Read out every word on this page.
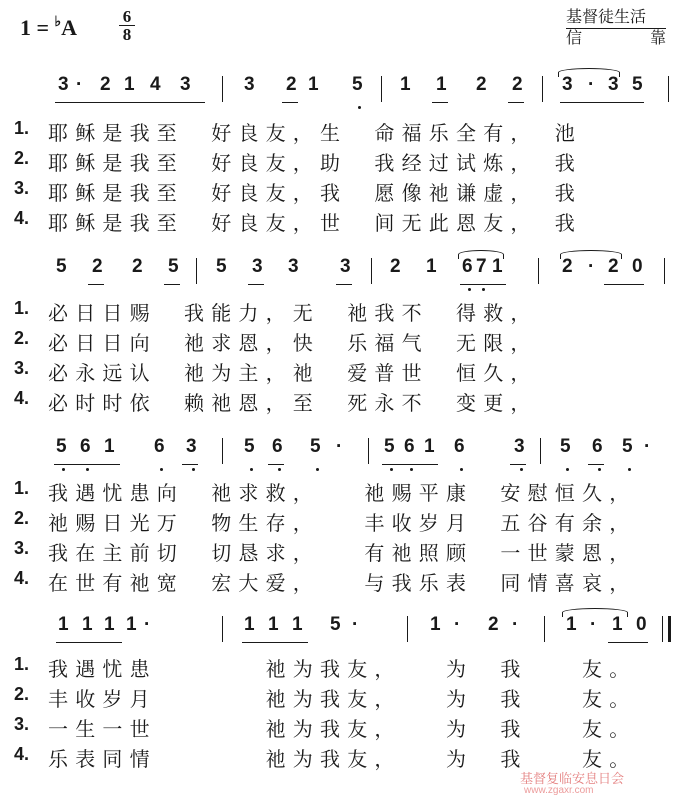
1 = ♭A	6
8
基督徒生活
信	靠
3 · 2 1 4 3	3 2 1 5 1 1 2 2 3 · 3 5
1. 耶稣是我至　好良友，生　命福乐全有，　池
2. 耶稣是我至　好良友，助　我经过试炼，　我
3. 耶稣是我至　好良友，我　愿像祂谦虚，　我
4. 耶稣是我至　好良友，世　间无此恩友，　我
5 2 2 5 5 3 3 3 2 1 6 7 1	2 · 2 0
1. 必日日赐　我能力，无　祂我不　得救，
2. 必日日向　祂求恩，快　乐福气　无限，
3. 必永远认　祂为主，祂　爱普世　恒久，
4. 必时时依　赖祂恩，至　死永不　变更，
5 6 1 6 3 5 6 5 · 5 6 1 6	3 5 6 5 ·
1. 我遇忧患向　祂求救，　　祂赐平康　安慰恒久，
2. 祂赐日光万　物生存，　　丰收岁月　五谷有余，
3. 我在主前切　切恳求，　　有祂照顾　一世蒙恩，
4. 在世有祂宽　宏大爱，　　与我乐表　同情喜哀，
1 1 1 1 ·	1 1 1 5 ·	1 · 2 ·	1 · 1 0
1. 我遇忧患　　　　祂为我友，　　为　我　　友。
2. 丰收岁月　　　　祂为我友，　　为　我　　友。
3. 一生一世　　　　祂为我友，　　为　我　　友。
4. 乐表同情　　　　祂为我友，　　为　我　　友。
基督复临安息日会
www.zgaxr.com
